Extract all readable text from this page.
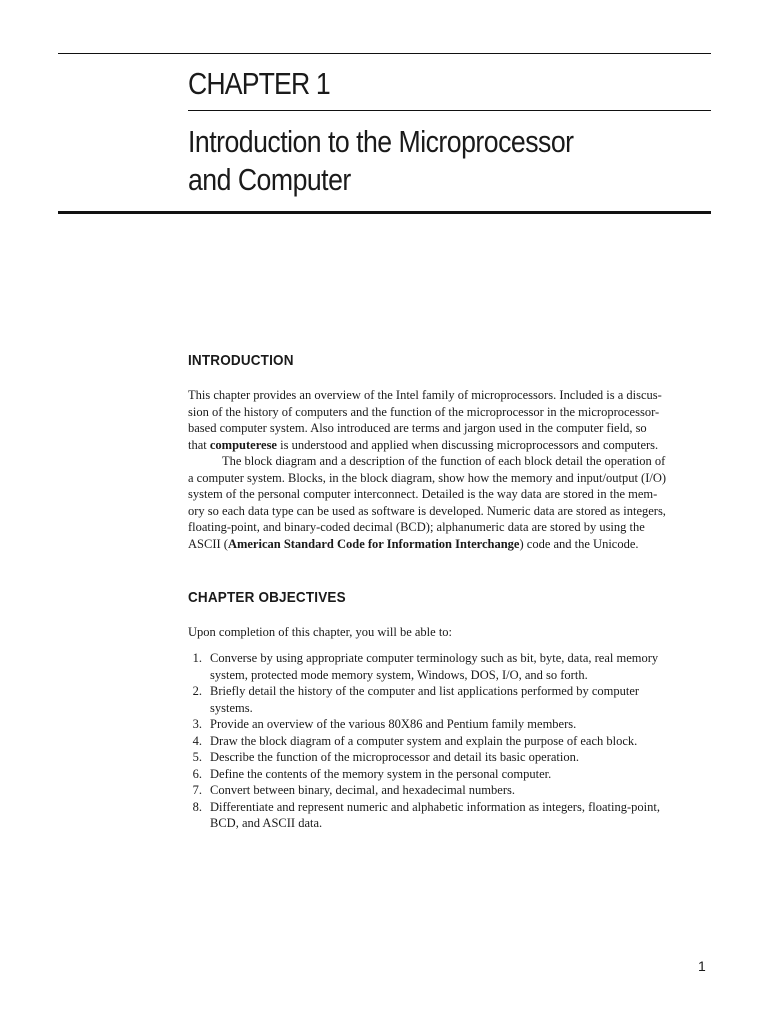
CHAPTER 1
Introduction to the Microprocessor
and Computer
INTRODUCTION
This chapter provides an overview of the Intel family of microprocessors. Included is a discus-
sion of the history of computers and the function of the microprocessor in the microprocessor-
based computer system. Also introduced are terms and jargon used in the computer field, so
that computerese is understood and applied when discussing microprocessors and computers.
The block diagram and a description of the function of each block detail the operation of
a computer system. Blocks, in the block diagram, show how the memory and input/output (I/O)
system of the personal computer interconnect. Detailed is the way data are stored in the mem-
ory so each data type can be used as software is developed. Numeric data are stored as integers,
floating-point, and binary-coded decimal (BCD); alphanumeric data are stored by using the
ASCII (American Standard Code for Information Interchange) code and the Unicode.
CHAPTER OBJECTIVES

Upon completion of this chapter, you will be able to:

1. Converse by using appropriate computer terminology such as bit, byte, data, real memory
system, protected mode memory system, Windows, DOS, I/O, and so forth.
2. Briefly detail the history of the computer and list applications performed by computer
systems.
3. Provide an overview of the various 80X86 and Pentium family members.
4. Draw the block diagram of a computer system and explain the purpose of each block.
5. Describe the function of the microprocessor and detail its basic operation.
6. Define the contents of the memory system in the personal computer.
7. Convert between binary, decimal, and hexadecimal numbers.
8. Differentiate and represent numeric and alphabetic information as integers, floating-point,
BCD, and ASCII data.
1
